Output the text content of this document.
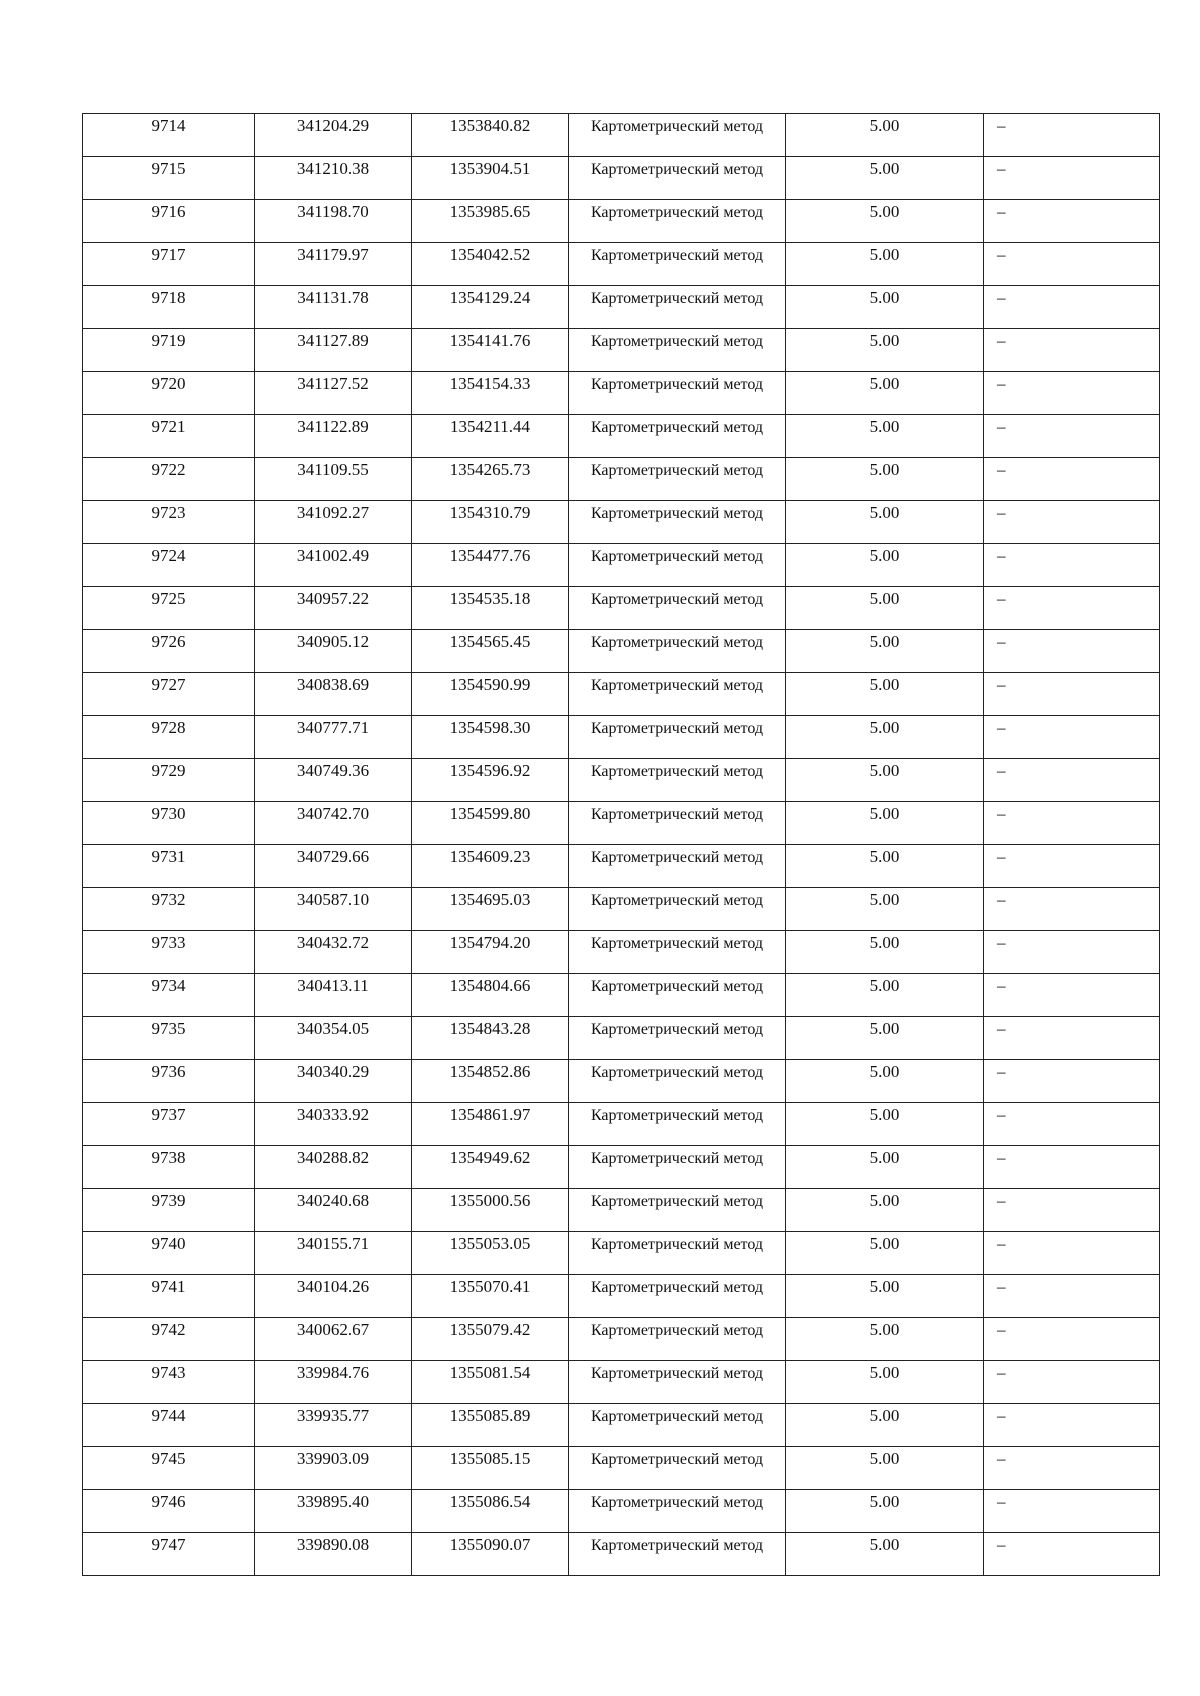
9714	341204.29	1353840.82	Картометрический метод	5.00	–

9715	341210.38	1353904.51	Картометрический метод	5.00	–

9716	341198.70	1353985.65	Картометрический метод	5.00	–

9717	341179.97	1354042.52	Картометрический метод	5.00	–

9718	341131.78	1354129.24	Картометрический метод	5.00	–

9719	341127.89	1354141.76	Картометрический метод	5.00	–

9720	341127.52	1354154.33	Картометрический метод	5.00	–

9721	341122.89	1354211.44	Картометрический метод	5.00	–

9722	341109.55	1354265.73	Картометрический метод	5.00	–

9723	341092.27	1354310.79	Картометрический метод	5.00	–

9724	341002.49	1354477.76	Картометрический метод	5.00	–

9725	340957.22	1354535.18	Картометрический метод	5.00	–

9726	340905.12	1354565.45	Картометрический метод	5.00	–

9727	340838.69	1354590.99	Картометрический метод	5.00	–

9728	340777.71	1354598.30	Картометрический метод	5.00	–

9729	340749.36	1354596.92	Картометрический метод	5.00	–

9730	340742.70	1354599.80	Картометрический метод	5.00	–

9731	340729.66	1354609.23	Картометрический метод	5.00	–

9732	340587.10	1354695.03	Картометрический метод	5.00	–

9733	340432.72	1354794.20	Картометрический метод	5.00	–

9734	340413.11	1354804.66	Картометрический метод	5.00	–

9735	340354.05	1354843.28	Картометрический метод	5.00	–

9736	340340.29	1354852.86	Картометрический метод	5.00	–

9737	340333.92	1354861.97	Картометрический метод	5.00	–

9738	340288.82	1354949.62	Картометрический метод	5.00	–

9739	340240.68	1355000.56	Картометрический метод	5.00	–

9740	340155.71	1355053.05	Картометрический метод	5.00	–

9741	340104.26	1355070.41	Картометрический метод	5.00	–

9742	340062.67	1355079.42	Картометрический метод	5.00	–

9743	339984.76	1355081.54	Картометрический метод	5.00	–

9744	339935.77	1355085.89	Картометрический метод	5.00	–

9745	339903.09	1355085.15	Картометрический метод	5.00	–

9746	339895.40	1355086.54	Картометрический метод	5.00	–

9747	339890.08	1355090.07	Картометрический метод	5.00	–
